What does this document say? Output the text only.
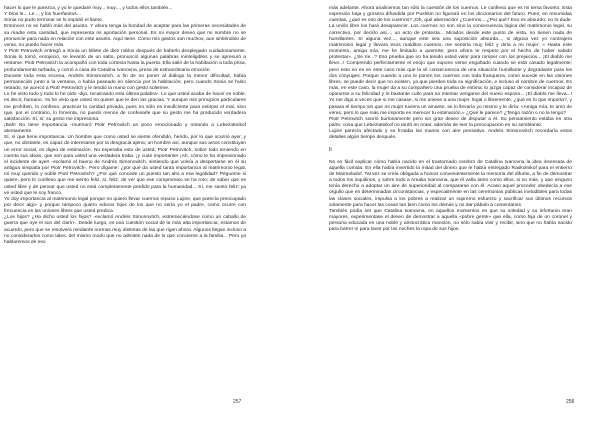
hacer lo que le parezca, y yo le quedaré muy... muy..., y todos ellos también...

Y Dios le... Le..., y los huerfanitos...

Sonia no pudo terminar se lo impidió el llanto.

Entonces no se habló más del asunto. Y ahora tenga la bondad de aceptar para las primeras necesidades de su madre esta cantidad, que representa mi aportación personal. Es mi mayor deseo que mi nombre no se pronuncie para nada en relación con este asunto. Aquí tiene. Como mis gastos son muchos, aun sintiéndolo de veras, no puedo hacer más.

Y Piotr Petrovitch entregó a Sonia un billete de diez rublos después de haberlo desplegado cuidadosamente. Sonia lo tomó, enrojeció, se levantó de un salto, pronunció algunas palabras ininteligibles y se apresuró a retirarse. Piotr Petrovitch la acompañó con toda cortesía hasta la puerta. Ella salió de la habitación a toda prisa, profundamente turbada, y corrió a casa de Catalina Ivanovna, presa de extraordinaria emoción.

Durante toda esta escena, Andrés Simonovitch, a fin de no poner al diálogo la menor dificultad, había permanecido junto a la ventana, o había paseado en silencio por la habitación; pero cuando Sonia se hubo retirado, se acercó a Piotr Petrovitch y le tendió la mano con gesto solemne.

Lo he visto todo y todo lo he oído -dijo, recalcando esta última palabra-. Lo que usted acaba de hacer es noble, es decir, humano. Ya he visto que usted no quiere que le den las gracias. Y aunque mis principios particulares me prohíben, lo confieso, practicar la caridad privada, pues no sólo es insuficiente para extirpar el mal, sino que, por el contrario, lo fomenta, no puedo menos de confesarle que su gesto me ha producido verdadera satisfacción. Sí, sí; su gesto me impresiona.

¡Bah! No tiene importancia -murmuró Piotr Petrovitch un poco emocionado y mirando a Lebeziatnikof atentamente.

Sí, sí que tiene importancia. Un hombre que como usted se siente ofendido, herido, por lo que ocurrió ayer, y que, no obstante, es capaz de interesarse por la desgracia ajena; un hombre así, aunque sus actos constituyan un error social, es digno de estimación. No esperaba esto de usted, Piotr Petrovitch, sobre todo teniendo en cuenta sus ideas, que son para usted una verdadera traba. ¡y cuán importante! ¡Ah, cómo le ha impresionado el incidente de ayer! -exclamó el bueno de Andrés Simonovitch, sintiendo que volvía a despertarse en él su antigua simpatía por Piotr Petrovitch-. Pero dígame: ¿por qué da usted tanta importancia al matrimonio legal, mi muy querido y noble Piotr Petrovitch? ¿Por qué concede un puesto tan alto a esa legalidad? Pégueme si quiere, pero le confieso que me siento feliz, sí, feliz, de ver que ese compromiso se ha roto; de saber que es usted libre y de pensar que usted no está completamente perdido para la humanidad... Sí, me siento feliz: ya ve usted que le soy franco.

Yo doy importancia al matrimonio legal porque no quiero llevar cuernos repuso Lujine, que parecía preocupado por decir algo- y porque tampoco quiero educar hijos de los que no sería yo el padre, como ocurre con frecuencia en las uniones libres que usted predica.

¿Los hijos? ¿Ha dicho usted los hijos? -exclamó Andrés Simonovitch, estremeciéndose como un caballo de guerra que oye el son del clarín-. Desde luego, es una cuestión social de la más alta importancia; estamos de acuerdo, pero que se resolverá mediante normas muy distintas de las que rigen ahora. Algunos llegan incluso a no considerarlos como tales, del mismo modo que no admiten nada de lo que concierne a la familia... Pero ya hablaremos de eso

257

más adelante. Ahora analicemos tan sólo la cuestión de los cuernos. Le confieso que es mi tema favorito. Esta expresión baja y grosera difundida por Pushkin no figurará en los diccionarios del futuro. Pues, en resumidas cuentas, ¿qué es eso de los cuernos? ¡Oh, qué aberración! ¿Cuernos... ¿Por qué? Eso es absurdo; no lo dude. La unión libre los hará desaparecer. Los cuernos no son sino la consecuencia lógica del matrimonio legal, su correctivo, por decirlo así..., un acto de protesta... Mirados desde este punto de vista, no tienen nada de humillantes. Si alguna vez..., aunque este sea una suposición absurda..., si alguna vez yo contrajera matrimonio legal y llevara esos malditos cuernos, me sentiría muy feliz y diría a mi mujer: « Hasta este momento, amiga mía, me he limitado a quererte; pero ahora te respeto por el hecho de haber sabido protestar». ¿Se ríe...? Eso prueba que no ha tenido usted valor para romper con los prejuicios... ¡El diablo me lleve...! Comprendo perfectamente el enojo que supone verse engañado cuando se está casado legalmente; pero esto no es en este caso más que la vil consecuencia de una situación humillante y degradante para los dos cónyuges. Porque cuando a uno le ponen los cuernos con toda franqueza, como sucede en las uniones libres, se puede decir que no existen, ya que pierden toda su significación, e incluso el nombre de cuernos. Es más, en este caso, la mujer da a su compañero una prueba de estima: lo juzga capaz de considerar incapaz de oponerse a su felicidad y lo bastante culto para no intentar vengarse del nuevo esposo... ¡El diablo me lleva...! Yo me digo a veces que si me casase, si me uniese a una mujer, legal o libremente, ¿qué es lo que importa?, y pasara el tiempo sin que mi mujer tuviera un amante, se lo llevaría yo mismo y le diría: «Amiga mía, te amo de veras, pero lo que más me importa es merecer tu estimación.» ¿Qué le parece? ¿Tengo razón o no la tengo?

Piotr Petrovitch sonrió burlonamente pero sin gran deseo de disputar a él. Su pensamiento estaba en otra parte, cosa que Lebeziatnikof no tardó en notar, además de leer la preocupación en su semblante.

Lujine parecía afectado y se frotaba las manos con aire pensativo. Andrés Simonovitch recordaría estos detalles algún tiempo después.

II

No es fácil explicar cómo había nacido en el trastornado cerebro de Catalina Ivanovna la idea insensata de aquella comida. En ella había invertido la mitad del dinero que le había entregado Raskolnikof para el entierro de Marmeladof. Tal vez se creía obligada a honrar convenientemente la memoria del difunto, a fin de demostrar a todos los inquilinos, y sobre todo a Amalia Ivanovna, que él valía tanto como ellos, si no más, y que ninguno tenía derecho a adoptar un aire de superioridad al compararse con él. Acaso aquel proceder obedecía a ese orgullo que en determinadas circunstancias, y especialmente en las ceremonias públicas ineludibles para todas las clases sociales, impulsa a los pobres a realizar un supremo esfuerzo y sacrificar sus últimos recursos solamente para hacer las cosas tan bien como los demás y no dar pábulo a comentarios.

También podía ser que Catalina Ivanovna, en aquellos momentos en que su soledad y su infortunio eran mayores, experimentase el deseo de demostrar a aquella «pobre gente» que ella, como hija de un coronel y persona educada en una noble y aristocrática mansión, no sólo sabía vivir y recibir, sino que no había nacido para barrer ni para lavar por las noches la ropa de sus hijos.

258
